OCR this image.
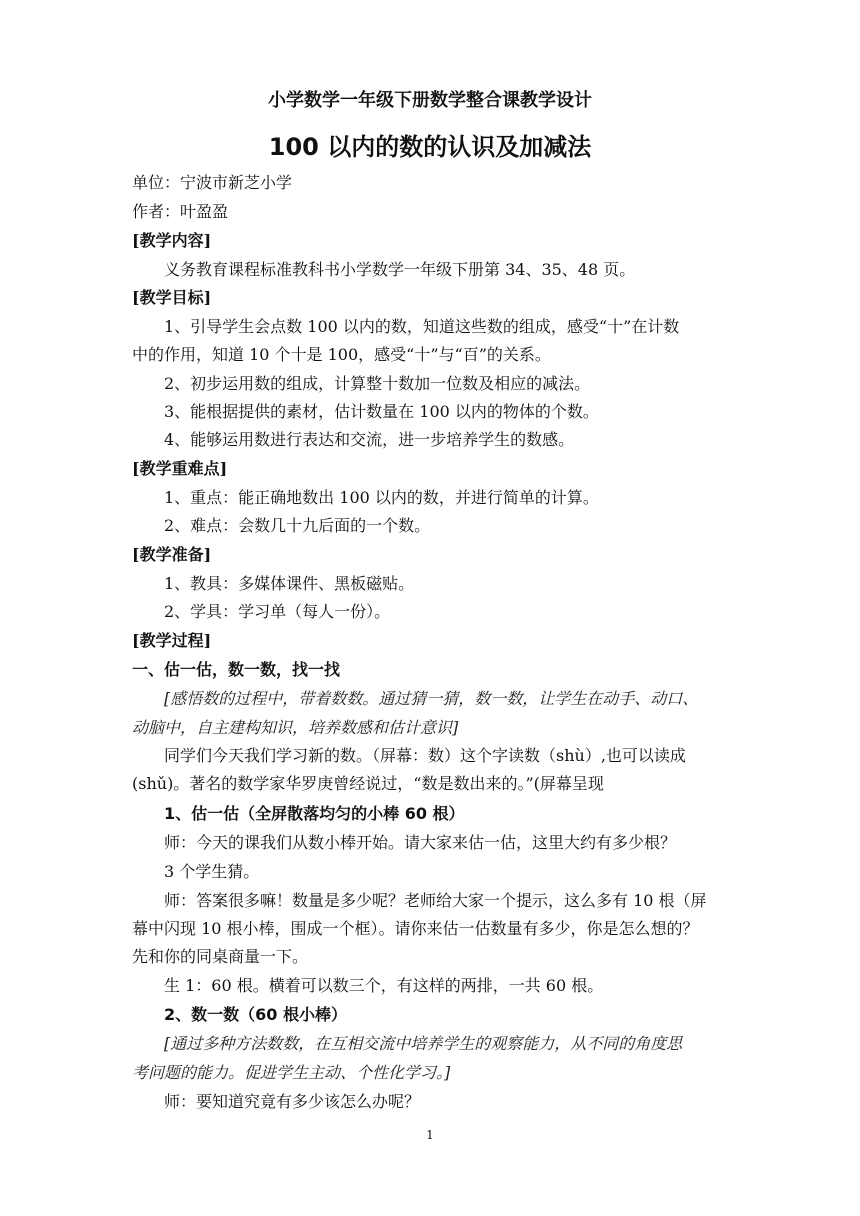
小学数学一年级下册数学整合课教学设计
100 以内的数的认识及加减法
单位：宁波市新芝小学
作者：叶盈盈
[教学内容]
义务教育课程标准教科书小学数学一年级下册第 34、35、48 页。
[教学目标]
1、引导学生会点数 100 以内的数，知道这些数的组成，感受“十”在计数
中的作用，知道 10 个十是 100，感受“十”与“百”的关系。
2、初步运用数的组成，计算整十数加一位数及相应的减法。
3、能根据提供的素材，估计数量在 100 以内的物体的个数。
4、能够运用数进行表达和交流，进一步培养学生的数感。
[教学重难点]
1、重点：能正确地数出 100 以内的数，并进行简单的计算。
2、难点：会数几十九后面的一个数。
[教学准备]
1、教具：多媒体课件、黑板磁贴。
2、学具：学习单（每人一份）。
[教学过程]
一、估一估，数一数，找一找
[感悟数的过程中，带着数数。通过猜一猜，数一数，让学生在动手、动口、
动脑中，自主建构知识，培养数感和估计意识]
同学们今天我们学习新的数。（屏幕：数）这个字读数（shù）,也可以读成
(shǔ)。著名的数学家华罗庚曾经说过，“数是数出来的。”(屏幕呈现
1、估一估（全屏散落均匀的小棒 60 根）
师：今天的课我们从数小棒开始。请大家来估一估，这里大约有多少根？
3 个学生猜。
师：答案很多嘛！数量是多少呢？老师给大家一个提示，这么多有 10 根（屏
幕中闪现 10 根小棒，围成一个框）。请你来估一估数量有多少，你是怎么想的？
先和你的同桌商量一下。
生 1：60 根。横着可以数三个，有这样的两排，一共 60 根。
2、数一数（60 根小棒）
[通过多种方法数数，在互相交流中培养学生的观察能力，从不同的角度思
考问题的能力。促进学生主动、个性化学习。]
师：要知道究竟有多少该怎么办呢？
1
